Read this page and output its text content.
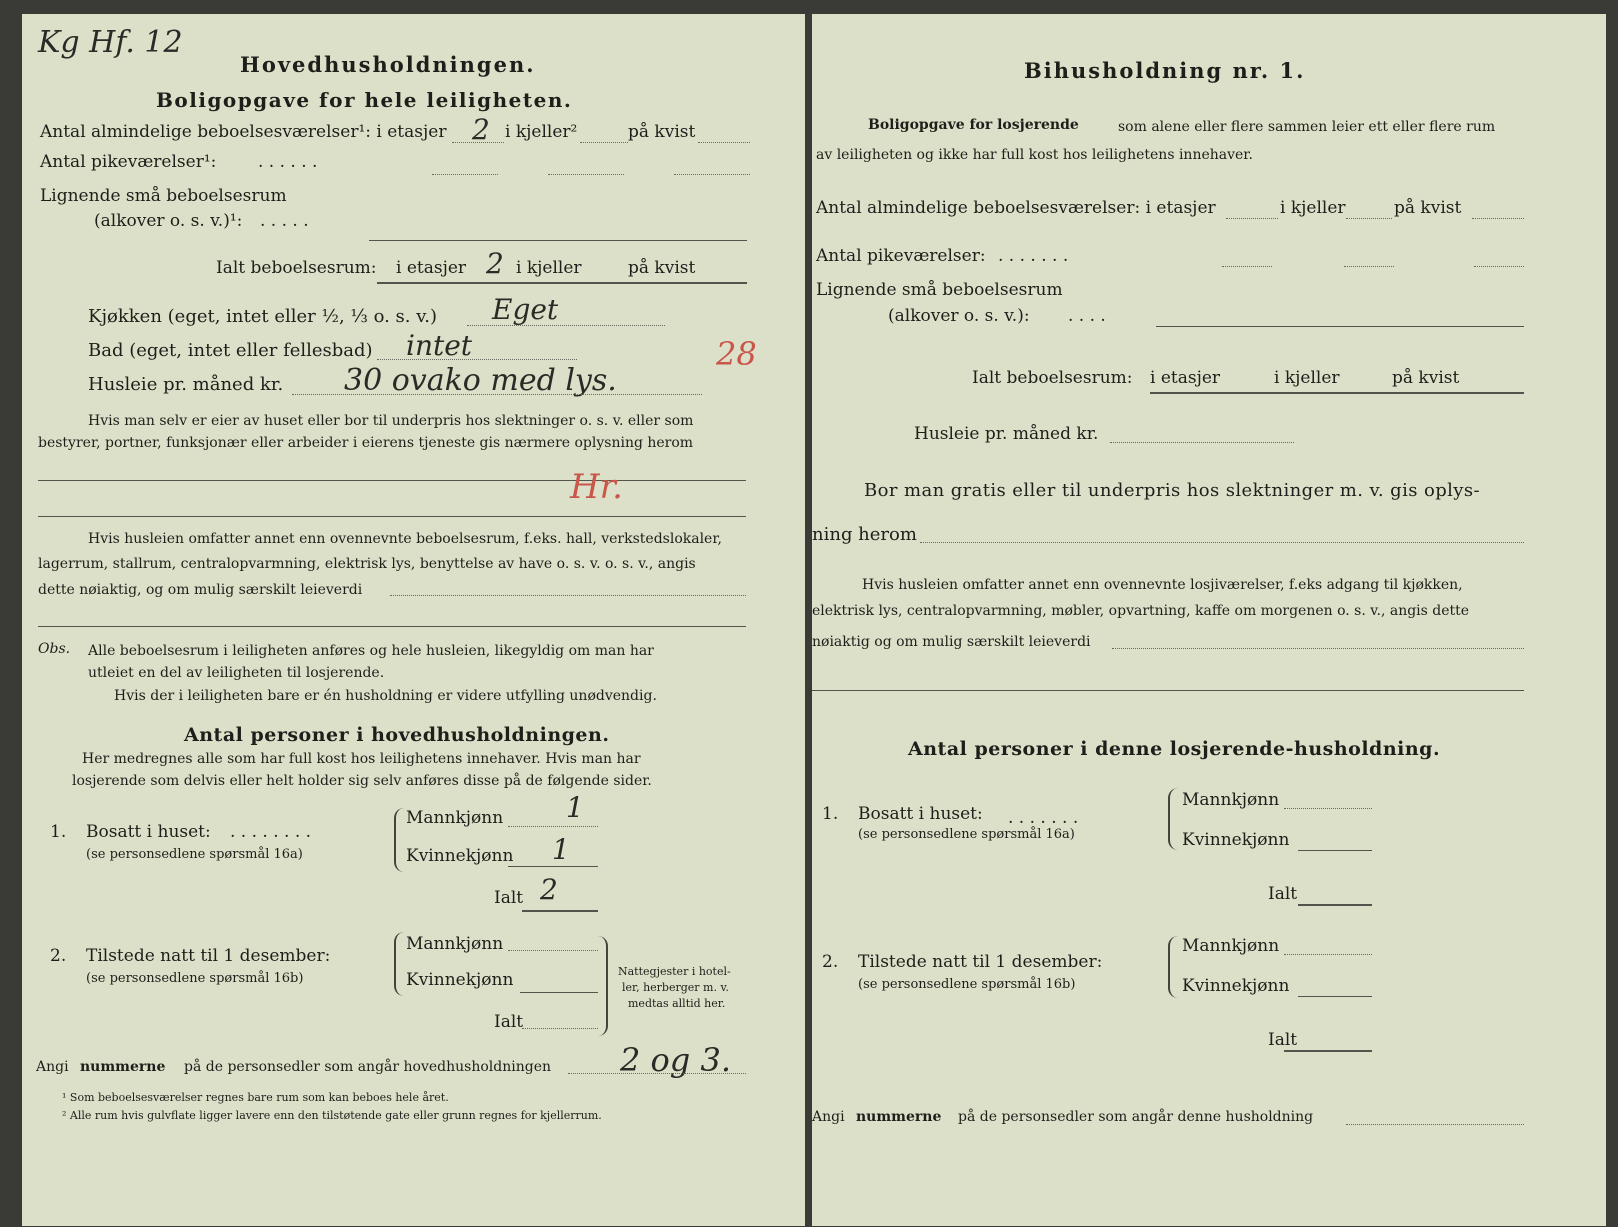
Kg Hf. 12
Hovedhusholdningen.
Boligopgave for hele leiligheten.
Antal almindelige beboelsesværelser¹: i etasjer 2 i kjeller²	på kvist
Antal pikeværelser¹: . . . . . .
Lignende små beboelsesrum
(alkover o. s. v.)¹: . . . . .
Ialt beboelsesrum: i etasjer 2 i kjeller	på kvist
Kjøkken (eget, intet eller ½, ⅓ o. s. v.) Eget
Bad (eget, intet eller fellesbad) intet
Husleie pr. måned kr. 30 ovako med lys.
28
Hvis man selv er eier av huset eller bor til underpris hos slektninger o. s. v. eller som
bestyrer, portner, funksjonær eller arbeider i eierens tjeneste gis nærmere oplysning herom
Hr.
Hvis husleien omfatter annet enn ovennevnte beboelsesrum, f.eks. hall, verkstedslokaler,
lagerrum, stallrum, centralopvarmning, elektrisk lys, benyttelse av have o. s. v. o. s. v., angis
dette nøiaktig, og om mulig særskilt leieverdi
Obs. Alle beboelsesrum i leiligheten anføres og hele husleien, likegyldig om man har
utleiet en del av leiligheten til losjerende.
Hvis der i leiligheten bare er én husholdning er videre utfylling unødvendig.
Antal personer i hovedhusholdningen.
Her medregnes alle som har full kost hos leilighetens innehaver. Hvis man har
losjerende som delvis eller helt holder sig selv anføres disse på de følgende sider.
1. Bosatt i huset: . . . . . . . .
(se personsedlene spørsmål 16a)
Mannkjønn 1
Kvinnekjønn 1
Ialt 2
2. Tilstede natt til 1 desember:
(se personsedlene spørsmål 16b)
Mannkjønn
Kvinnekjønn
Ialt
Nattegjester i hotel-
ler, herberger m. v.
medtas alltid her.
Angi nummerne på de personsedler som angår hovedhusholdningen 2 og 3.
¹ Som beboelsesværelser regnes bare rum som kan beboes hele året.
² Alle rum hvis gulvflate ligger lavere enn den tilstøtende gate eller grunn regnes for kjellerrum.
Bihusholdning nr. 1.
Boligopgave for losjerende	som alene eller flere sammen leier ett eller flere rum
av leiligheten og ikke har full kost hos leilighetens innehaver.
Antal almindelige beboelsesværelser: i etasjer	i kjeller	på kvist
Antal pikeværelser: . . . . . . .
Lignende små beboelsesrum
(alkover o. s. v.): . . . .
Ialt beboelsesrum: i etasjer	i kjeller	på kvist
Husleie pr. måned kr.
Bor man gratis eller til underpris hos slektninger m. v. gis oplys-
ning herom
Hvis husleien omfatter annet enn ovennevnte losjiværelser, f.eks adgang til kjøkken,
elektrisk lys, centralopvarmning, møbler, opvartning, kaffe om morgenen o. s. v., angis dette
nøiaktig og om mulig særskilt leieverdi
Antal personer i denne losjerende-husholdning.
1. Bosatt i huset: . . . . . . .
(se personsedlene spørsmål 16a)
Mannkjønn
Kvinnekjønn
Ialt
2. Tilstede natt til 1 desember:
(se personsedlene spørsmål 16b)
Mannkjønn
Kvinnekjønn
Ialt
Angi nummerne på de personsedler som angår denne husholdning
